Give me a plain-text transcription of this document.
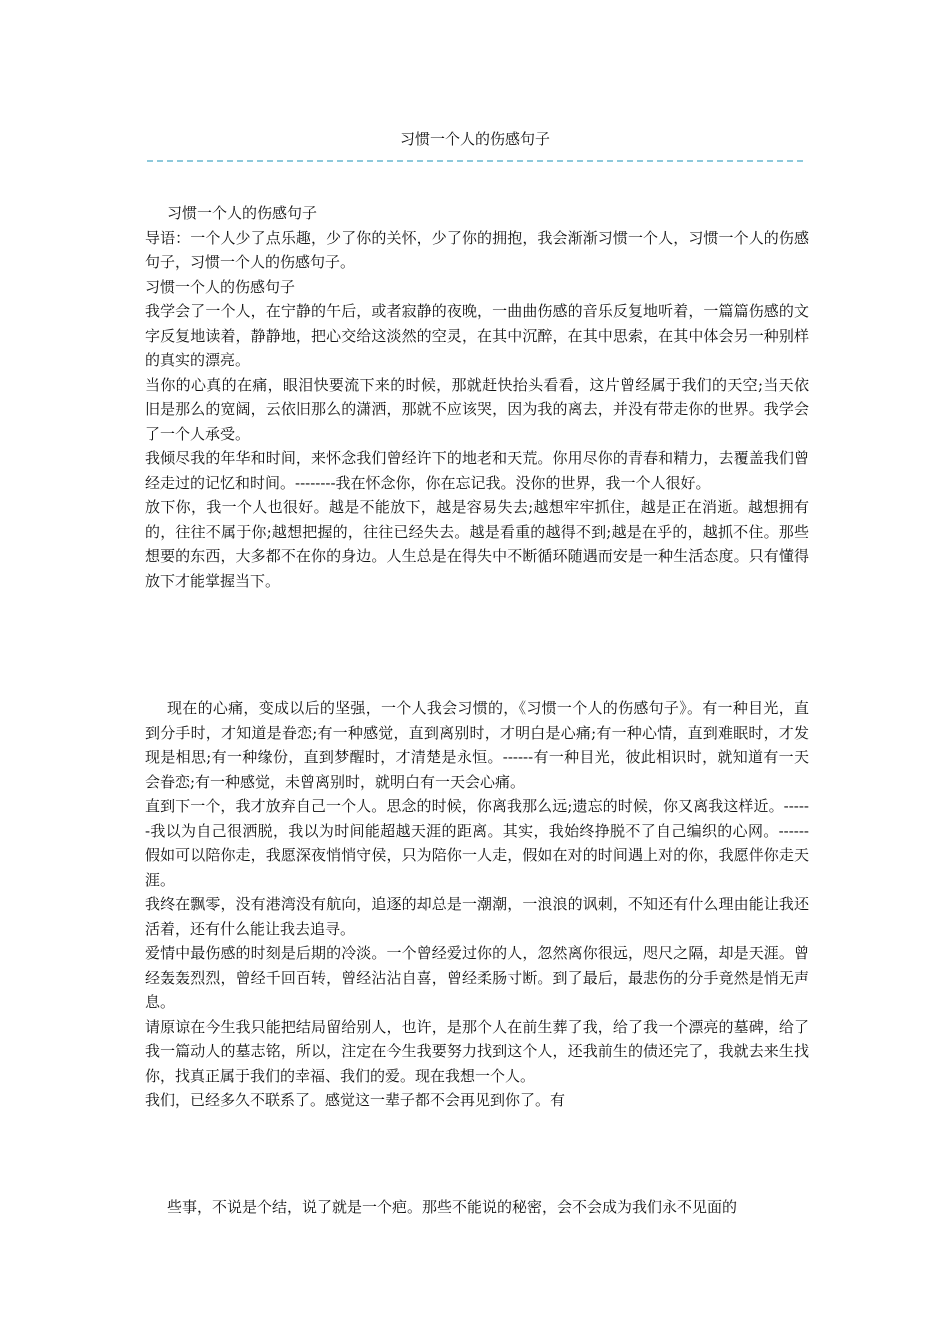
习惯一个人的伤感句子

习惯一个人的伤感句子

导语：一个人少了点乐趣，少了你的关怀，少了你的拥抱，我会渐渐习惯一个人，习惯一个人的伤感句子，习惯一个人的伤感句子。

习惯一个人的伤感句子

我学会了一个人，在宁静的午后，或者寂静的夜晚，一曲曲伤感的音乐反复地听着，一篇篇伤感的文字反复地读着，静静地，把心交给这淡然的空灵，在其中沉醉，在其中思索，在其中体会另一种别样的真实的漂亮。

当你的心真的在痛，眼泪快要流下来的时候，那就赶快抬头看看，这片曾经属于我们的天空;当天依旧是那么的宽阔，云依旧那么的潇洒，那就不应该哭，因为我的离去，并没有带走你的世界。我学会了一个人承受。

我倾尽我的年华和时间，来怀念我们曾经许下的地老和天荒。你用尽你的青春和精力，去覆盖我们曾经走过的记忆和时间。--------我在怀念你，你在忘记我。没你的世界，我一个人很好。

放下你，我一个人也很好。越是不能放下，越是容易失去;越想牢牢抓住，越是正在消逝。越想拥有的，往往不属于你;越想把握的，往往已经失去。越是看重的越得不到;越是在乎的，越抓不住。那些想要的东西，大多都不在你的身边。人生总是在得失中不断循环随遇而安是一种生活态度。只有懂得放下才能掌握当下。

现在的心痛，变成以后的坚强，一个人我会习惯的，《习惯一个人的伤感句子》。有一种目光，直到分手时，才知道是眷恋;有一种感觉，直到离别时，才明白是心痛;有一种心情，直到难眠时，才发现是相思;有一种缘份，直到梦醒时，才清楚是永恒。------有一种目光，彼此相识时，就知道有一天会眷恋;有一种感觉，未曾离别时，就明白有一天会心痛。

直到下一个，我才放弃自己一个人。思念的时候，你离我那么远;遗忘的时候，你又离我这样近。------我以为自己很洒脱，我以为时间能超越天涯的距离。其实，我始终挣脱不了自己编织的心网。------假如可以陪你走，我愿深夜悄悄守侯，只为陪你一人走，假如在对的时间遇上对的你，我愿伴你走天涯。

我终在飘零，没有港湾没有航向，追逐的却总是一潮潮，一浪浪的讽刺，不知还有什么理由能让我还活着，还有什么能让我去追寻。

爱情中最伤感的时刻是后期的冷淡。一个曾经爱过你的人，忽然离你很远，咫尺之隔，却是天涯。曾经轰轰烈烈，曾经千回百转，曾经沾沾自喜，曾经柔肠寸断。到了最后，最悲伤的分手竟然是悄无声息。

请原谅在今生我只能把结局留给别人，也许，是那个人在前生葬了我，给了我一个漂亮的墓碑，给了我一篇动人的墓志铭，所以，注定在今生我要努力找到这个人，还我前生的债还完了，我就去来生找你，找真正属于我们的幸福、我们的爱。现在我想一个人。

我们，已经多久不联系了。感觉这一辈子都不会再见到你了。有

些事，不说是个结，说了就是一个疤。那些不能说的秘密，会不会成为我们永不见面的
